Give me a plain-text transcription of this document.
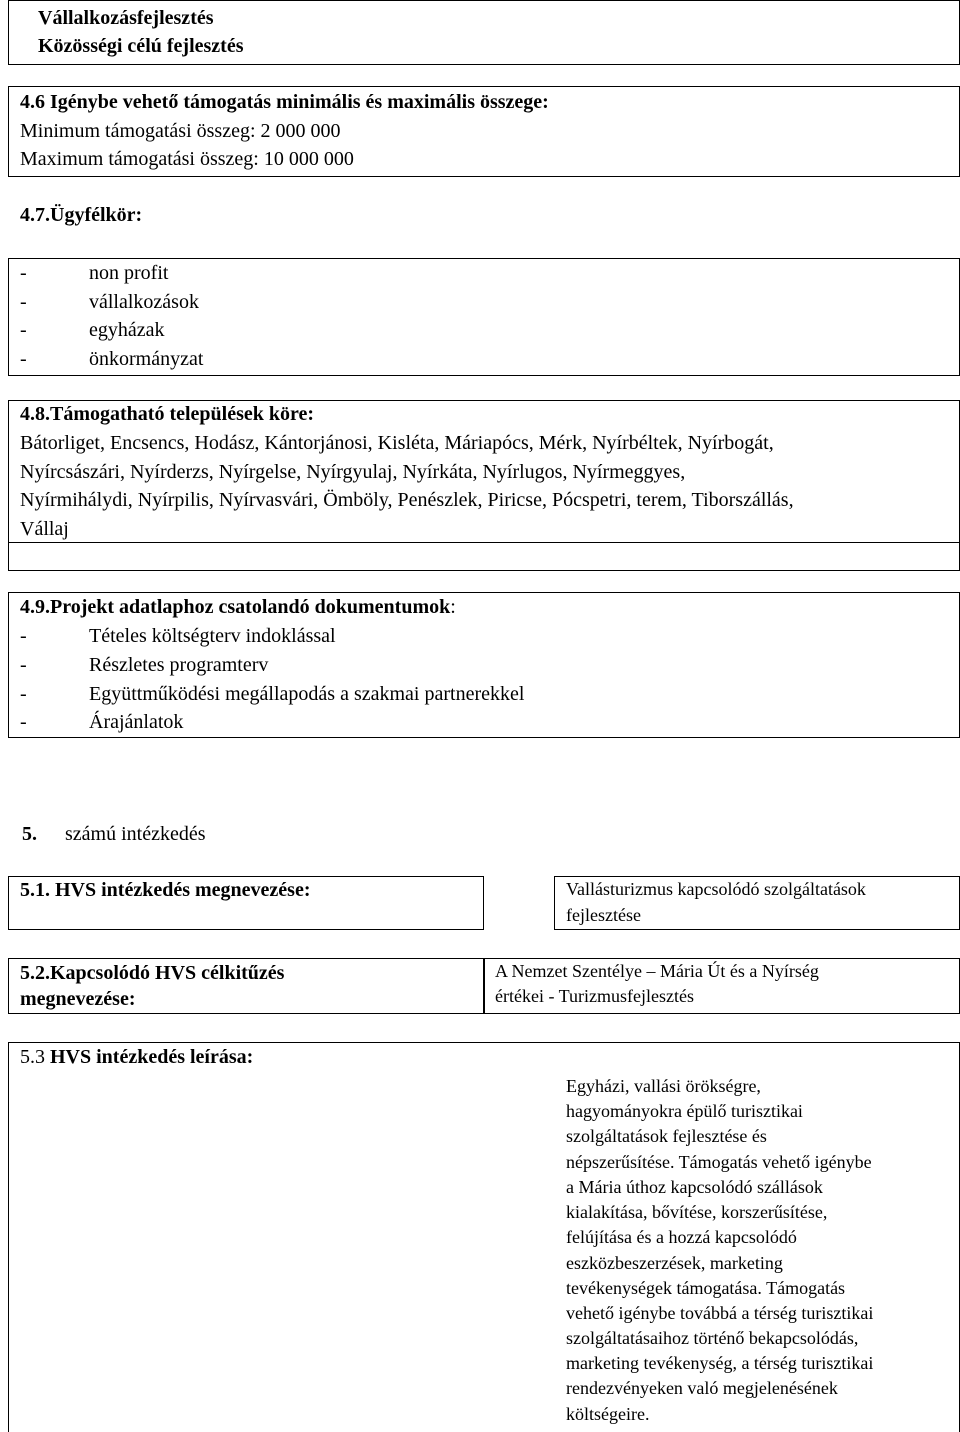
Vállalkozásfejlesztés
Közösségi célú fejlesztés
4.6 Igénybe vehető támogatás minimális és maximális összege:
Minimum támogatási összeg: 2 000 000
Maximum támogatási összeg: 10 000 000
4.7.Ügyfélkör:
-	non profit
-	vállalkozások
-	egyházak
-	önkormányzat
4.8.Támogatható települések köre:
Bátorliget, Encsencs, Hodász, Kántorjánosi, Kisléta, Máriapócs, Mérk, Nyírbéltek, Nyírbogát,
Nyírcsászári, Nyírderzs, Nyírgelse, Nyírgyulaj, Nyírkáta, Nyírlugos, Nyírmeggyes,
Nyírmihálydi, Nyírpilis, Nyírvasvári, Ömböly, Penészlek, Piricse, Pócspetri, terem, Tiborszállás,
Vállaj
4.9.Projekt adatlaphoz csatolandó dokumentumok:
-	Tételes költségterv indoklással
-	Részletes programterv
-	Együttműködési megállapodás a szakmai partnerekkel
-	Árajánlatok
5. számú intézkedés
5.1. HVS intézkedés megnevezése:	Vallásturizmus kapcsolódó szolgáltatások
fejlesztése
5.2.Kapcsolódó HVS célkitűzés
megnevezése:
A Nemzet Szentélye – Mária Út és a Nyírség
értékei - Turizmusfejlesztés
5.3 HVS intézkedés leírása:
Egyházi, vallási örökségre,
hagyományokra épülő turisztikai
szolgáltatások fejlesztése és
népszerűsítése. Támogatás vehető igénybe
a Mária úthoz kapcsolódó szállások
kialakítása, bővítése, korszerűsítése,
felújítása és a hozzá kapcsolódó
eszközbeszerzések, marketing
tevékenységek támogatása. Támogatás
vehető igénybe továbbá a térség turisztikai
szolgáltatásaihoz történő bekapcsolódás,
marketing tevékenység, a térség turisztikai
rendezvényeken való megjelenésének
költségeire.
